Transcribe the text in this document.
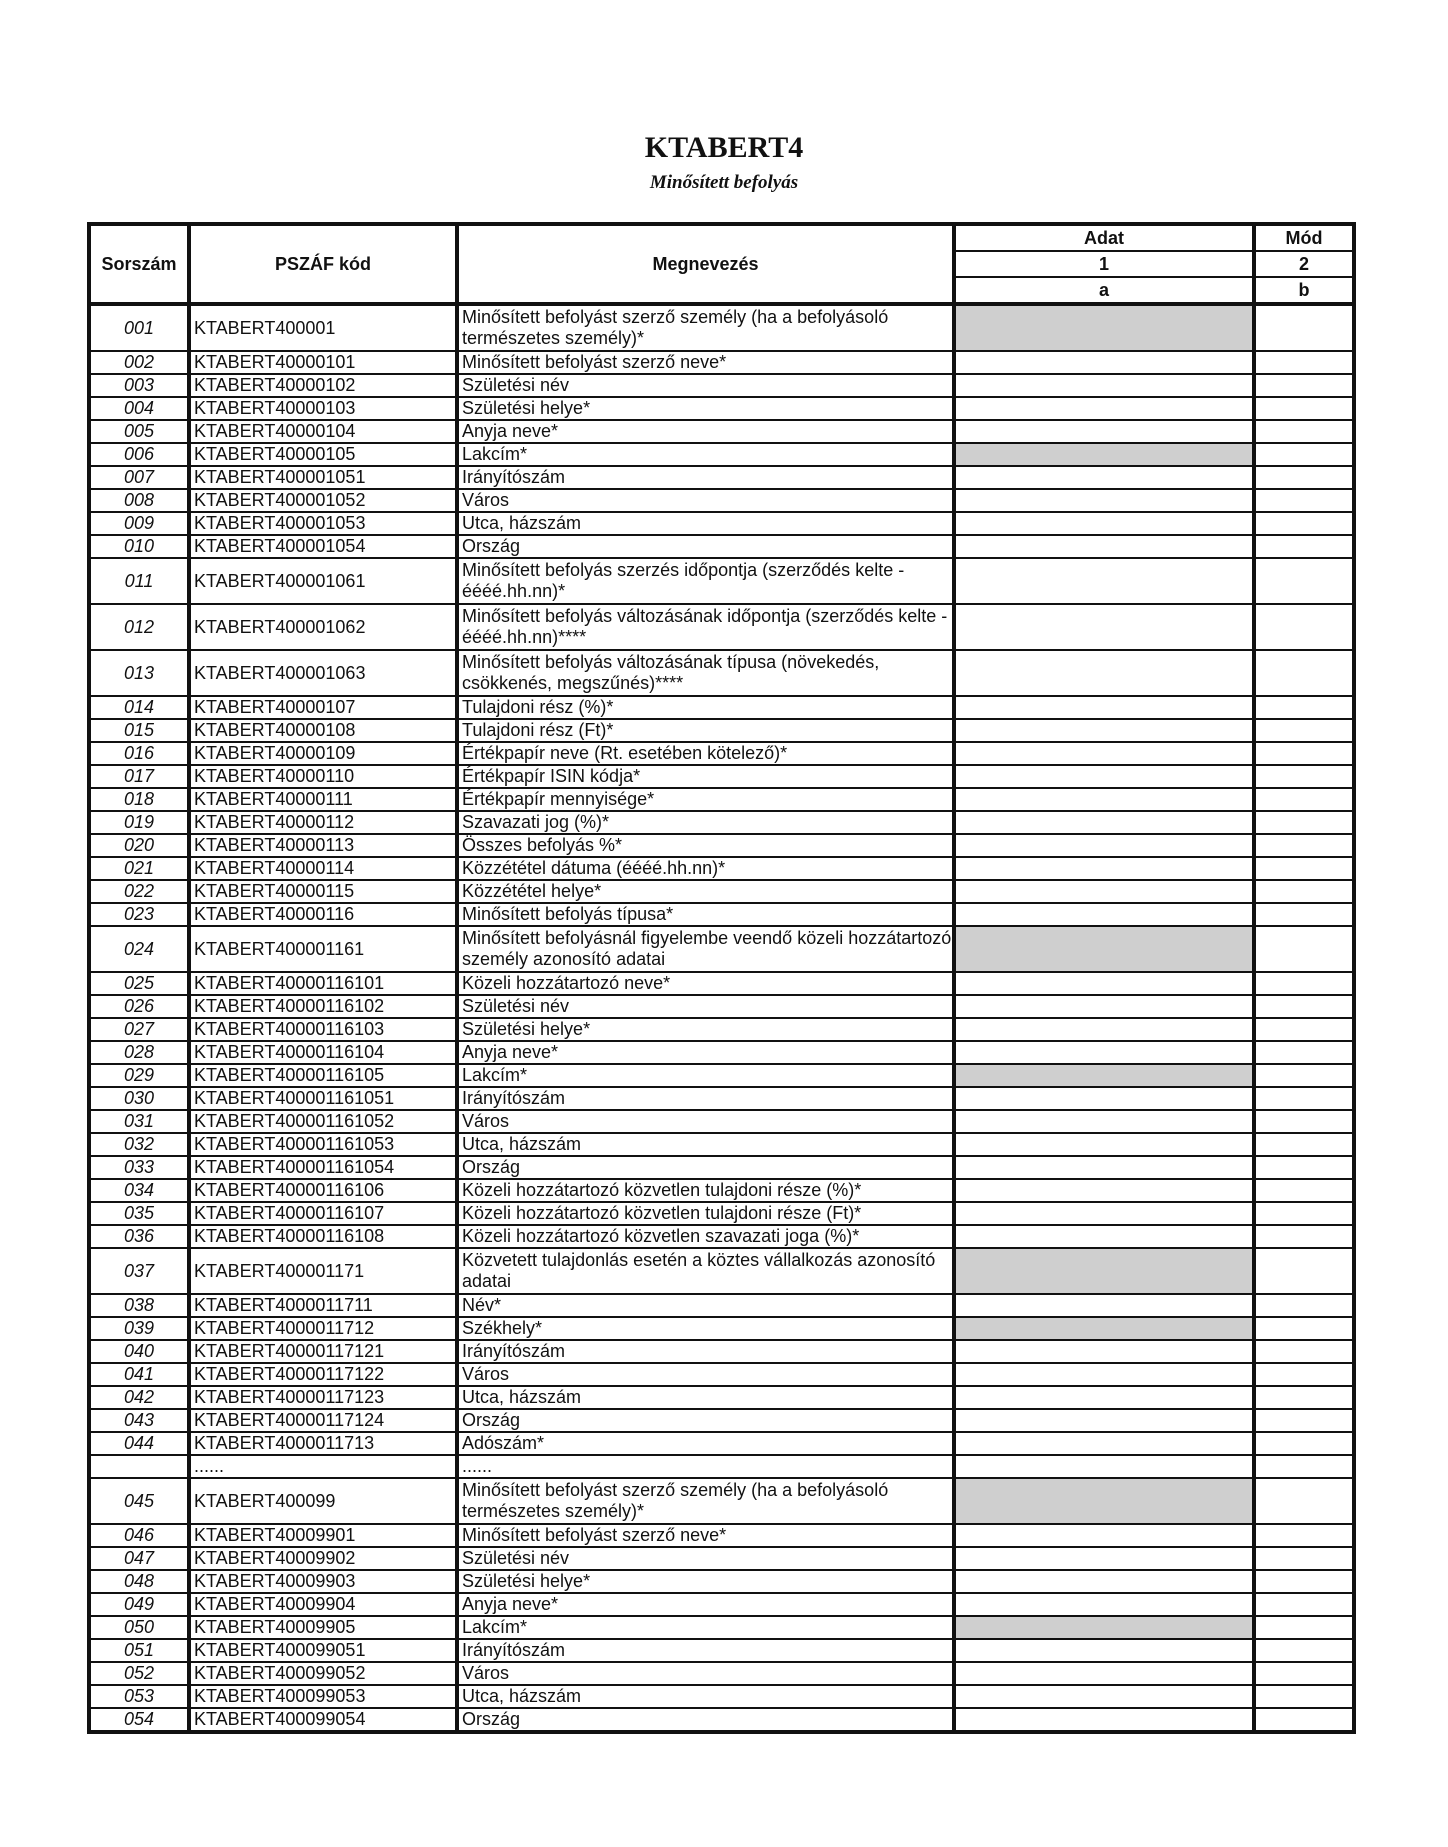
KTABERT4
Minősített befolyás
Sorszám	PSZÁF kód	Megnevezés	Adat	Mód
			1	2
			a	b
001	KTABERT400001	Minősített befolyást szerző személy (ha a befolyásoló természetes személy)*		
002	KTABERT40000101	Minősített befolyást szerző neve*		
003	KTABERT40000102	Születési név		
004	KTABERT40000103	Születési helye*		
005	KTABERT40000104	Anyja neve*		
006	KTABERT40000105	Lakcím*		
007	KTABERT400001051	Irányítószám		
008	KTABERT400001052	Város		
009	KTABERT400001053	Utca, házszám		
010	KTABERT400001054	Ország		
011	KTABERT400001061	Minősített befolyás szerzés időpontja (szerződés kelte - éééé.hh.nn)*		
012	KTABERT400001062	Minősített befolyás változásának időpontja (szerződés kelte - éééé.hh.nn)****		
013	KTABERT400001063	Minősített befolyás változásának típusa (növekedés, csökkenés, megszűnés)****		
014	KTABERT40000107	Tulajdoni rész (%)*		
015	KTABERT40000108	Tulajdoni rész (Ft)*		
016	KTABERT40000109	Értékpapír neve (Rt. esetében kötelező)*		
017	KTABERT40000110	Értékpapír ISIN kódja*		
018	KTABERT40000111	Értékpapír mennyisége*		
019	KTABERT40000112	Szavazati jog (%)*		
020	KTABERT40000113	Összes befolyás %*		
021	KTABERT40000114	Közzététel dátuma (éééé.hh.nn)*		
022	KTABERT40000115	Közzététel helye*		
023	KTABERT40000116	Minősített befolyás típusa*		
024	KTABERT400001161	Minősített befolyásnál figyelembe veendő közeli hozzátartozó személy azonosító adatai		
025	KTABERT40000116101	Közeli hozzátartozó neve*		
026	KTABERT40000116102	Születési név		
027	KTABERT40000116103	Születési helye*		
028	KTABERT40000116104	Anyja neve*		
029	KTABERT40000116105	Lakcím*		
030	KTABERT400001161051	Irányítószám		
031	KTABERT400001161052	Város		
032	KTABERT400001161053	Utca, házszám		
033	KTABERT400001161054	Ország		
034	KTABERT40000116106	Közeli hozzátartozó közvetlen tulajdoni része (%)*		
035	KTABERT40000116107	Közeli hozzátartozó közvetlen tulajdoni része (Ft)*		
036	KTABERT40000116108	Közeli hozzátartozó közvetlen szavazati joga (%)*		
037	KTABERT400001171	Közvetett tulajdonlás esetén a köztes vállalkozás azonosító adatai		
038	KTABERT4000011711	Név*		
039	KTABERT4000011712	Székhely*		
040	KTABERT40000117121	Irányítószám		
041	KTABERT40000117122	Város		
042	KTABERT40000117123	Utca, házszám		
043	KTABERT40000117124	Ország		
044	KTABERT4000011713	Adószám*		
	......	......		
045	KTABERT400099	Minősített befolyást szerző személy (ha a befolyásoló természetes személy)*		
046	KTABERT40009901	Minősített befolyást szerző neve*		
047	KTABERT40009902	Születési név		
048	KTABERT40009903	Születési helye*		
049	KTABERT40009904	Anyja neve*		
050	KTABERT40009905	Lakcím*		
051	KTABERT400099051	Irányítószám		
052	KTABERT400099052	Város		
053	KTABERT400099053	Utca, házszám		
054	KTABERT400099054	Ország		
